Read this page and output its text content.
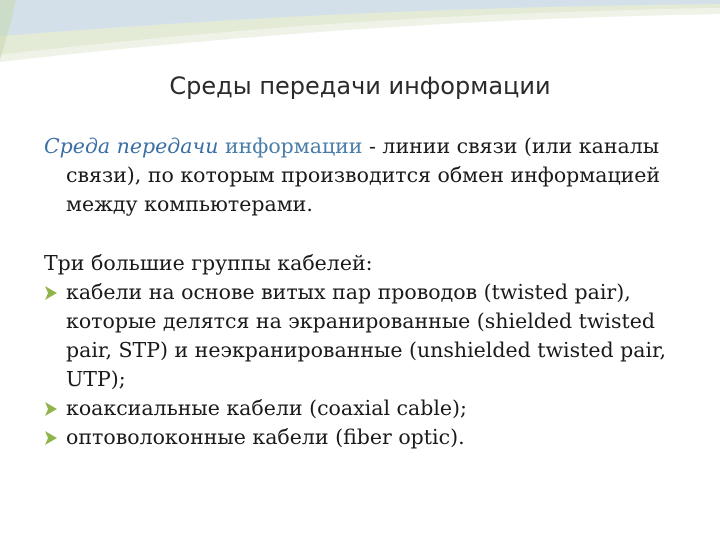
Среды передачи информации

Среда передачи информации - линии связи (или каналы связи), по которым производится обмен информацией между компьютерами.

Три большие группы кабелей:

кабели на основе витых пар проводов (twisted pair), которые делятся на экранированные (shielded twisted pair, STP) и неэкранированные (unshielded twisted pair, UTP);

коаксиальные кабели (coaxial cable);

оптоволоконные кабели (fiber optic).
